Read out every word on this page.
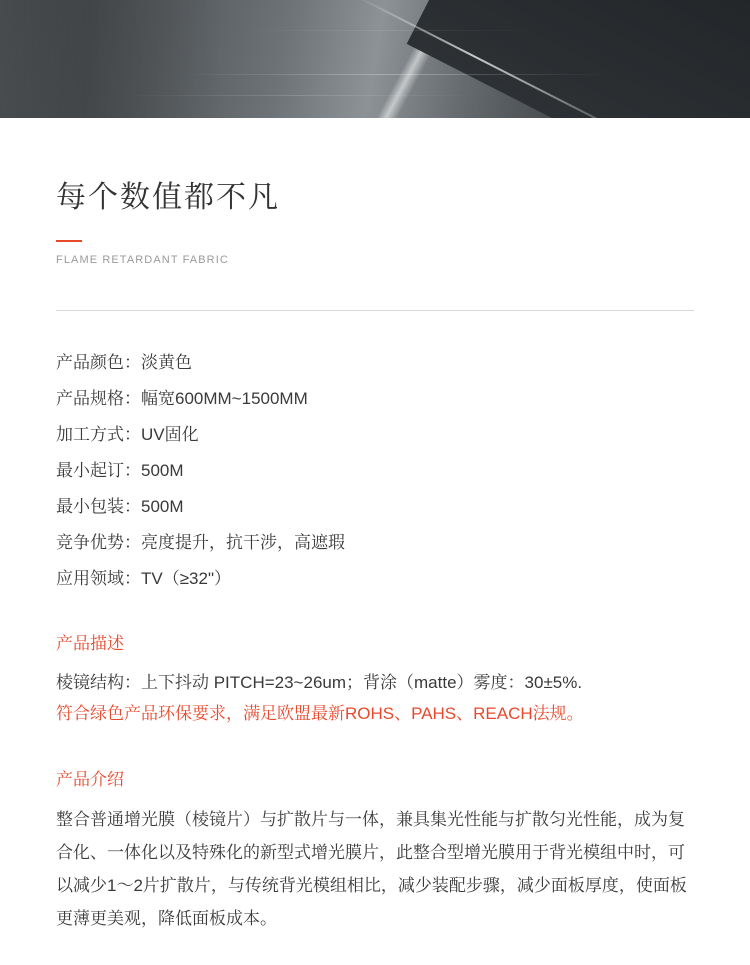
每个数值都不凡

FLAME RETARDANT FABRIC

产品颜色： 淡黄色
产品规格： 幅宽600MM~1500MM
加工方式： UV固化
最小起订： 500M
最小包装： 500M
竞争优势： 亮度提升，抗干涉，高遮瑕
应用领域： TV（≥32"）
产品描述

棱镜结构：上下抖动 PITCH=23~26um；背涂（matte）雾度：30±5%.

符合绿色产品环保要求，满足欧盟最新ROHS、PAHS、REACH法规。

产品介绍

整合普通增光膜（棱镜片）与扩散片与一体，兼具集光性能与扩散匀光性能，成为复合化、一体化以及特殊化的新型式增光膜片，此整合型增光膜用于背光模组中时，可以减少1～2片扩散片，与传统背光模组相比，减少装配步骤，减少面板厚度，使面板更薄更美观，降低面板成本。
